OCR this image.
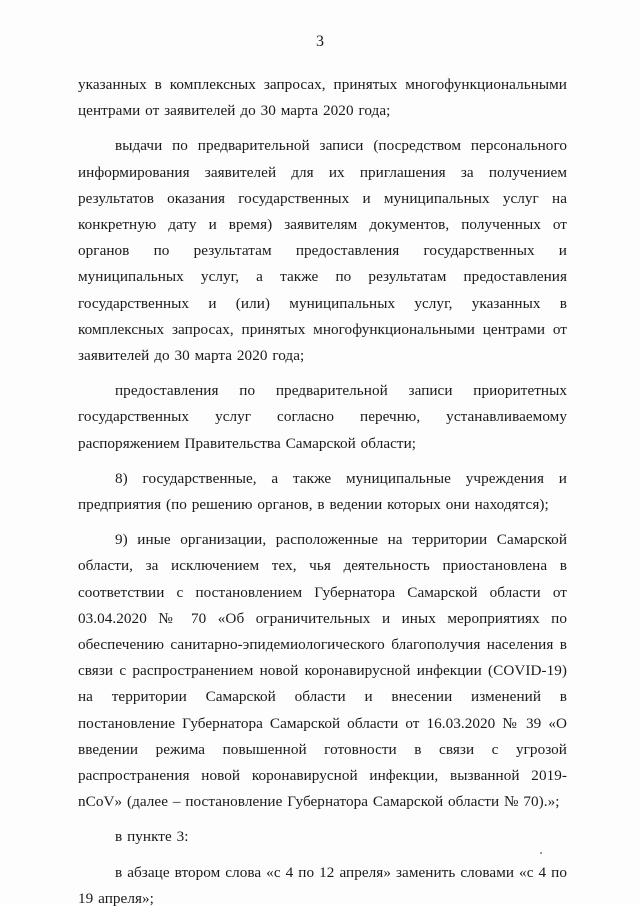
3

указанных в комплексных запросах, принятых многофункциональными центрами от заявителей до 30 марта 2020 года;

выдачи по предварительной записи (посредством персонального информирования заявителей для их приглашения за получением результатов оказания государственных и муниципальных услуг на конкретную дату и время) заявителям документов, полученных от органов по результатам предоставления государственных и муниципальных услуг, а также по результатам предоставления государственных и (или) муниципальных услуг, указанных в комплексных запросах, принятых многофункциональными центрами от заявителей до 30 марта 2020 года;

предоставления по предварительной записи приоритетных государственных услуг согласно перечню, устанавливаемому распоряжением Правительства Самарской области;

8) государственные, а также муниципальные учреждения и предприятия (по решению органов, в ведении которых они находятся);

9) иные организации, расположенные на территории Самарской области, за исключением тех, чья деятельность приостановлена в соответствии с постановлением Губернатора Самарской области от 03.04.2020 № 70 «Об ограничительных и иных мероприятиях по обеспечению санитарно-эпидемиологического благополучия населения в связи с распространением новой коронавирусной инфекции (COVID-19) на территории Самарской области и внесении изменений в постановление Губернатора Самарской области от 16.03.2020 № 39 «О введении режима повышенной готовности в связи с угрозой распространения новой коронавирусной инфекции, вызванной 2019-nCoV» (далее – постановление Губернатора Самарской области № 70).»;

в пункте 3:

в абзаце втором слова «с 4 по 12 апреля» заменить словами «с 4 по 19 апреля»;
